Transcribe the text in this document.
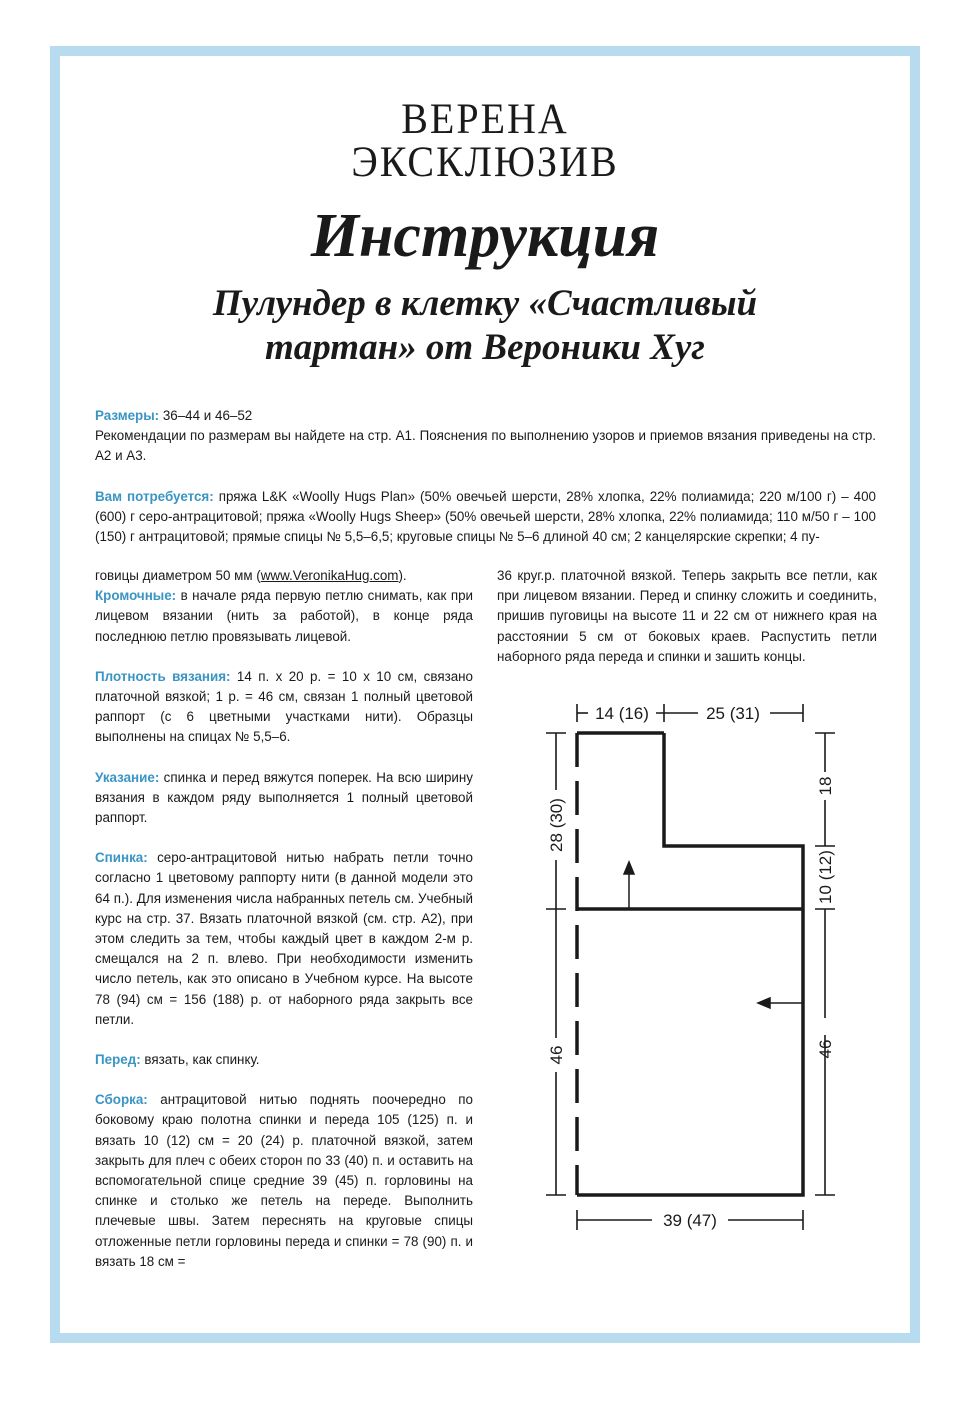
ВЕРЕНА
ЭКСКЛЮЗИВ
Инструкция
Пулундер в клетку «Счастливый
тартан» от Вероники Хуг

Размеры: 36–44 и 46–52
Рекомендации по размерам вы найдете на стр. А1. Пояснения по выполнению узоров и приемов вязания приведены на стр. А2 и А3.

Вам потребуется: пряжа L&K «Woolly Hugs Plan» (50% овечьей шерсти, 28% хлопка, 22% полиамида; 220 м/100 г) – 400 (600) г серо-антрацитовой; пряжа «Woolly Hugs Sheep» (50% овечьей шерсти, 28% хлопка, 22% полиамида; 110 м/50 г – 100 (150) г антрацитовой; прямые спицы № 5,5–6,5; круговые спицы № 5–6 длиной 40 см; 2 канцелярские скрепки; 4 пу-

говицы диаметром 50 мм (www.VeronikaHug.com).
Кромочные: в начале ряда первую петлю снимать, как при лицевом вязании (нить за работой), в конце ряда последнюю петлю провязывать лицевой.

Плотность вязания: 14 п. х 20 р. = 10 х 10 см, связано платочной вязкой; 1 р. = 46 см, связан 1 полный цветовой раппорт (с 6 цветными участками нити). Образцы выполнены на спицах № 5,5–6.

Указание: спинка и перед вяжутся поперек. На всю ширину вязания в каждом ряду выполняется 1 полный цветовой раппорт.

Спинка: серо-антрацитовой нитью набрать петли точно согласно 1 цветовому раппорту нити (в данной модели это 64 п.). Для изменения числа набранных петель см. Учебный курс на стр. 37. Вязать платочной вязкой (см. стр. А2), при этом следить за тем, чтобы каждый цвет в каждом 2-м р. смещался на 2 п. влево. При необходимости изменить число петель, как это описано в Учебном курсе. На высоте 78 (94) см = 156 (188) р. от наборного ряда закрыть все петли.

Перед: вязать, как спинку.

Сборка: антрацитовой нитью поднять поочередно по боковому краю полотна спинки и переда 105 (125) п. и вязать 10 (12) см = 20 (24) р. платочной вязкой, затем закрыть для плеч с обеих сторон по 33 (40) п. и оставить на вспомогательной спице средние 39 (45) п. горловины на спинке и столько же петель на переде. Выполнить плечевые швы. Затем переснять на круговые спицы отложенные петли горловины переда и спинки = 78 (90) п. и вязать 18 см =

36 круг.р. платочной вязкой. Теперь закрыть все петли, как при лицевом вязании. Перед и спинку сложить и соединить, пришив пуговицы на высоте 11 и 22 см от нижнего края на расстоянии 5 см от боковых краев. Распустить петли наборного ряда переда и спинки и зашить концы.

14 (16)	25 (31)
28 (30)
46
18
10 (12)
46
39 (47)
